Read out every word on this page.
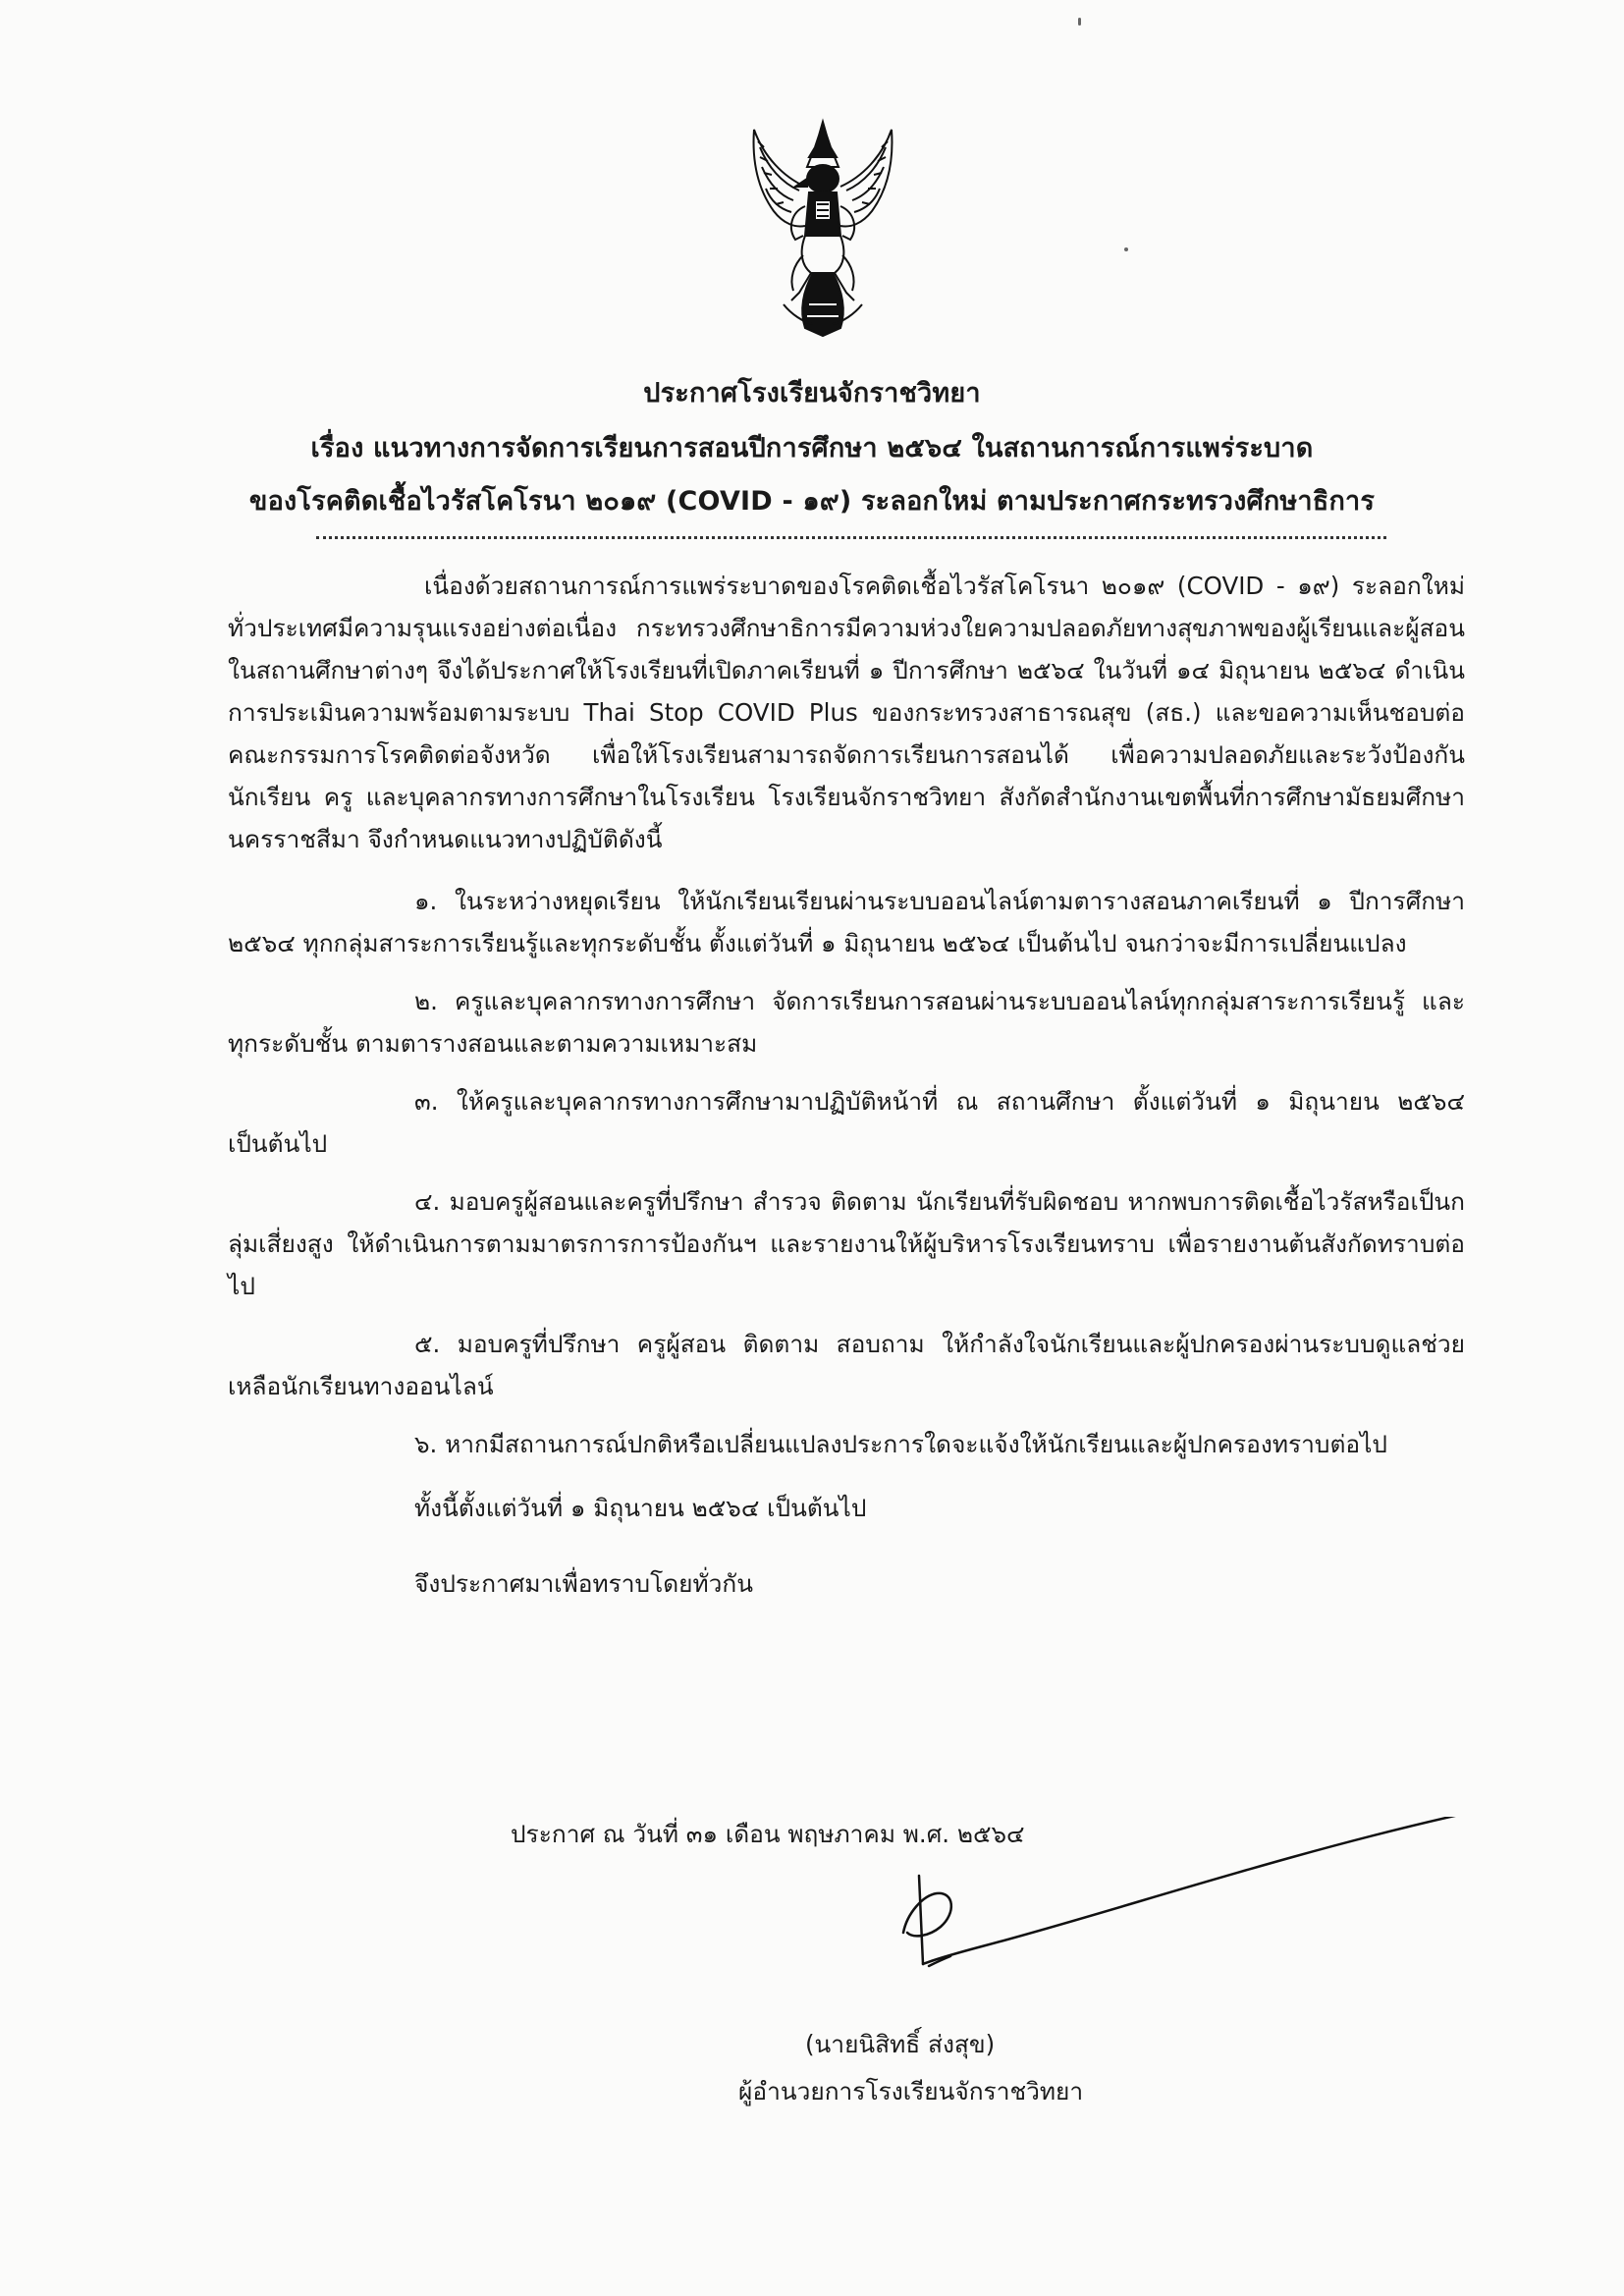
ประกาศโรงเรียนจักราชวิทยา
เรื่อง แนวทางการจัดการเรียนการสอนปีการศึกษา ๒๕๖๔ ในสถานการณ์การแพร่ระบาด
ของโรคติดเชื้อไวรัสโคโรนา ๒๐๑๙ (COVID - ๑๙) ระลอกใหม่ ตามประกาศกระทรวงศึกษาธิการ

เนื่องด้วยสถานการณ์การแพร่ระบาดของโรคติดเชื้อไวรัสโคโรนา ๒๐๑๙ (COVID - ๑๙) ระลอกใหม่ ทั่วประเทศมีความรุนแรงอย่างต่อเนื่อง กระทรวงศึกษาธิการมีความห่วงใยความปลอดภัยทางสุขภาพของผู้เรียนและผู้สอนในสถานศึกษาต่างๆ จึงได้ประกาศให้โรงเรียนที่เปิดภาคเรียนที่ ๑ ปีการศึกษา ๒๕๖๔ ในวันที่ ๑๔ มิถุนายน ๒๕๖๔ ดำเนินการประเมินความพร้อมตามระบบ Thai Stop COVID Plus ของกระทรวงสาธารณสุข (สธ.) และขอความเห็นชอบต่อคณะกรรมการโรคติดต่อจังหวัด เพื่อให้โรงเรียนสามารถจัดการเรียนการสอนได้ เพื่อความปลอดภัยและระวังป้องกันนักเรียน ครู และบุคลากรทางการศึกษาในโรงเรียน โรงเรียนจักราชวิทยา สังกัดสำนักงานเขตพื้นที่การศึกษามัธยมศึกษานครราชสีมา จึงกำหนดแนวทางปฏิบัติดังนี้

๑. ในระหว่างหยุดเรียน ให้นักเรียนเรียนผ่านระบบออนไลน์ตามตารางสอนภาคเรียนที่ ๑ ปีการศึกษา ๒๕๖๔ ทุกกลุ่มสาระการเรียนรู้และทุกระดับชั้น ตั้งแต่วันที่ ๑ มิถุนายน ๒๕๖๔ เป็นต้นไป จนกว่าจะมีการเปลี่ยนแปลง

๒. ครูและบุคลากรทางการศึกษา จัดการเรียนการสอนผ่านระบบออนไลน์ทุกกลุ่มสาระการเรียนรู้ และทุกระดับชั้น ตามตารางสอนและตามความเหมาะสม

๓. ให้ครูและบุคลากรทางการศึกษามาปฏิบัติหน้าที่ ณ สถานศึกษา ตั้งแต่วันที่ ๑ มิถุนายน ๒๕๖๔ เป็นต้นไป

๔. มอบครูผู้สอนและครูที่ปรึกษา สำรวจ ติดตาม นักเรียนที่รับผิดชอบ หากพบการติดเชื้อไวรัสหรือเป็นกลุ่มเสี่ยงสูง ให้ดำเนินการตามมาตรการการป้องกันฯ และรายงานให้ผู้บริหารโรงเรียนทราบ เพื่อรายงานต้นสังกัดทราบต่อไป

๕. มอบครูที่ปรึกษา ครูผู้สอน ติดตาม สอบถาม ให้กำลังใจนักเรียนและผู้ปกครองผ่านระบบดูแลช่วยเหลือนักเรียนทางออนไลน์

๖. หากมีสถานการณ์ปกติหรือเปลี่ยนแปลงประการใดจะแจ้งให้นักเรียนและผู้ปกครองทราบต่อไป

ทั้งนี้ตั้งแต่วันที่ ๑ มิถุนายน ๒๕๖๔ เป็นต้นไป

จึงประกาศมาเพื่อทราบโดยทั่วกัน

ประกาศ ณ วันที่ ๓๑ เดือน พฤษภาคม พ.ศ. ๒๕๖๔
(นายนิสิทธิ์ ส่งสุข)
ผู้อำนวยการโรงเรียนจักราชวิทยา
